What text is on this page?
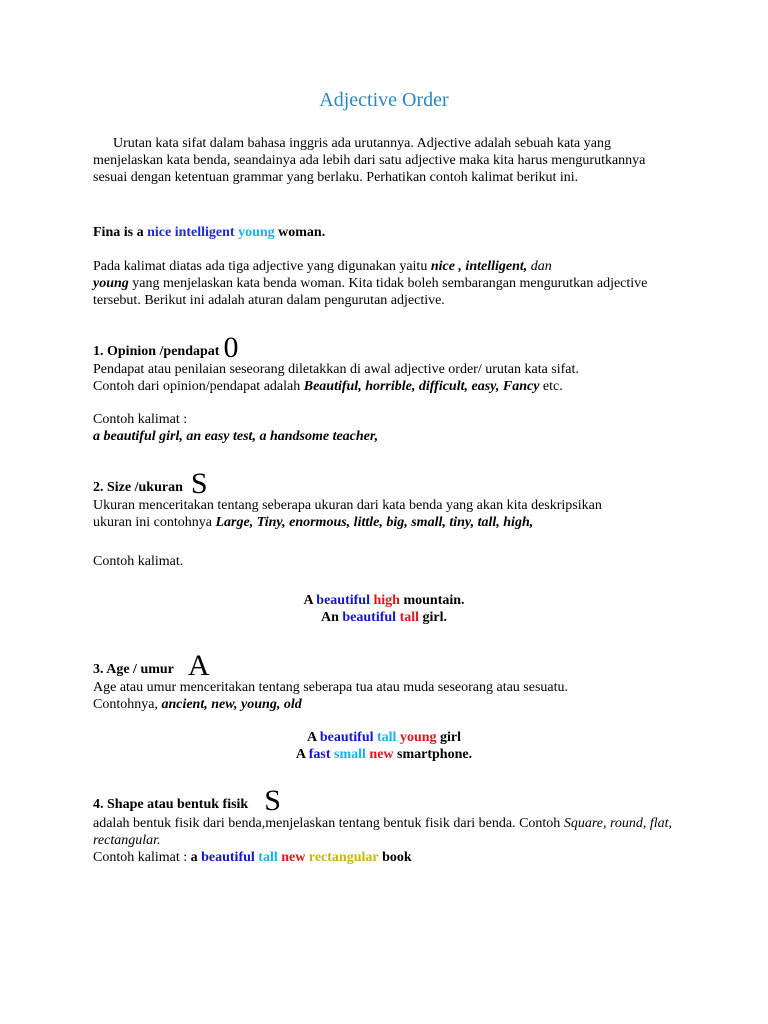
Adjective Order

Urutan kata sifat dalam bahasa inggris ada urutannya. Adjective adalah sebuah kata yang menjelaskan kata benda, seandainya ada lebih dari satu adjective maka kita harus mengurutkannya sesuai dengan ketentuan grammar yang berlaku. Perhatikan contoh kalimat berikut ini.

Fina is a nice intelligent young woman.

Pada kalimat diatas ada tiga adjective yang digunakan yaitu nice , intelligent, dan
young yang menjelaskan kata benda woman. Kita tidak boleh sembarangan mengurutkan adjective tersebut. Berikut ini adalah aturan dalam pengurutan adjective.

1. Opinion /pendapat 0

Pendapat atau penilaian seseorang diletakkan di awal adjective order/ urutan kata sifat.
Contoh dari opinion/pendapat adalah Beautiful, horrible, difficult, easy, Fancy etc.

Contoh kalimat :
a beautiful girl, an easy test, a handsome teacher,

2. Size /ukuran S

Ukuran menceritakan tentang seberapa ukuran dari kata benda yang akan kita deskripsikan
ukuran ini contohnya Large, Tiny, enormous, little, big, small, tiny, tall, high,

Contoh kalimat.

A beautiful high mountain.

An beautiful tall girl.

3. Age / umur A

Age atau umur menceritakan tentang seberapa tua atau muda seseorang atau sesuatu.
Contohnya, ancient, new, young, old

A beautiful tall young girl

A fast small new smartphone.

4. Shape atau bentuk fisik S

adalah bentuk fisik dari benda,menjelaskan tentang bentuk fisik dari benda. Contoh Square, round, flat, rectangular.
Contoh kalimat : a beautiful tall new rectangular book
